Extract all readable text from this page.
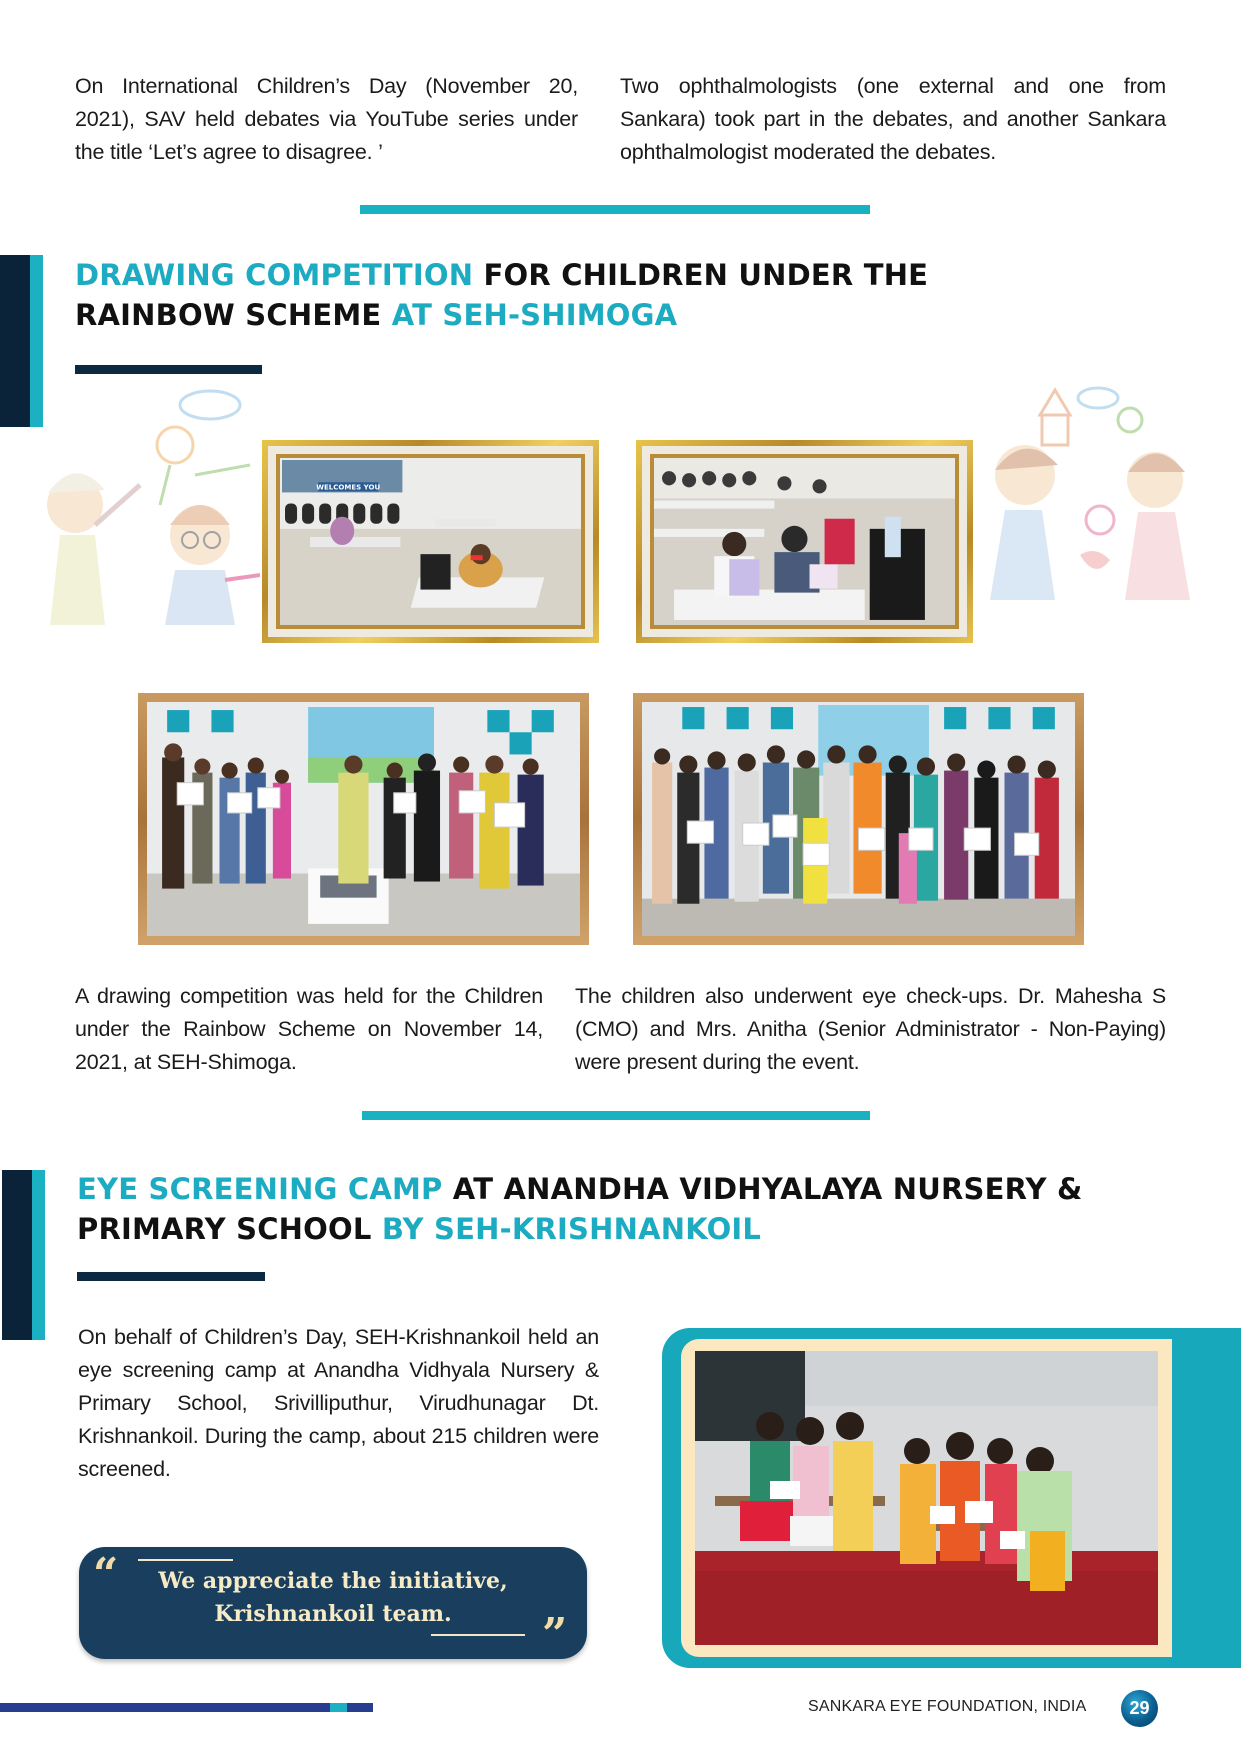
On International Children’s Day (November 20, 2021), SAV held debates via YouTube series under the title ‘Let’s agree to disagree. ’
Two ophthalmologists (one external and one from Sankara) took part in the debates, and another Sankara ophthalmologist moderated the debates.
DRAWING COMPETITION FOR CHILDREN UNDER THE RAINBOW SCHEME AT SEH-SHIMOGA
WELCOMES YOU
A drawing competition was held for the Children under the Rainbow Scheme on November 14, 2021, at SEH-Shimoga.
The children also underwent eye check-ups. Dr. Mahesha S (CMO) and Mrs. Anitha (Senior Administrator - Non-Paying) were present during the event.
EYE SCREENING CAMP AT ANANDHA VIDHYALAYA NURSERY & PRIMARY SCHOOL BY SEH-KRISHNANKOIL
On behalf of Children’s Day, SEH-Krishnankoil held an eye screening camp at Anandha Vidhyala Nursery & Primary School, Srivilliputhur, Virudhunagar Dt. Krishnankoil. During the camp, about 215 children were screened.
“	We appreciate the initiative,
Krishnankoil team.	”
SANKARA EYE FOUNDATION, INDIA	29
